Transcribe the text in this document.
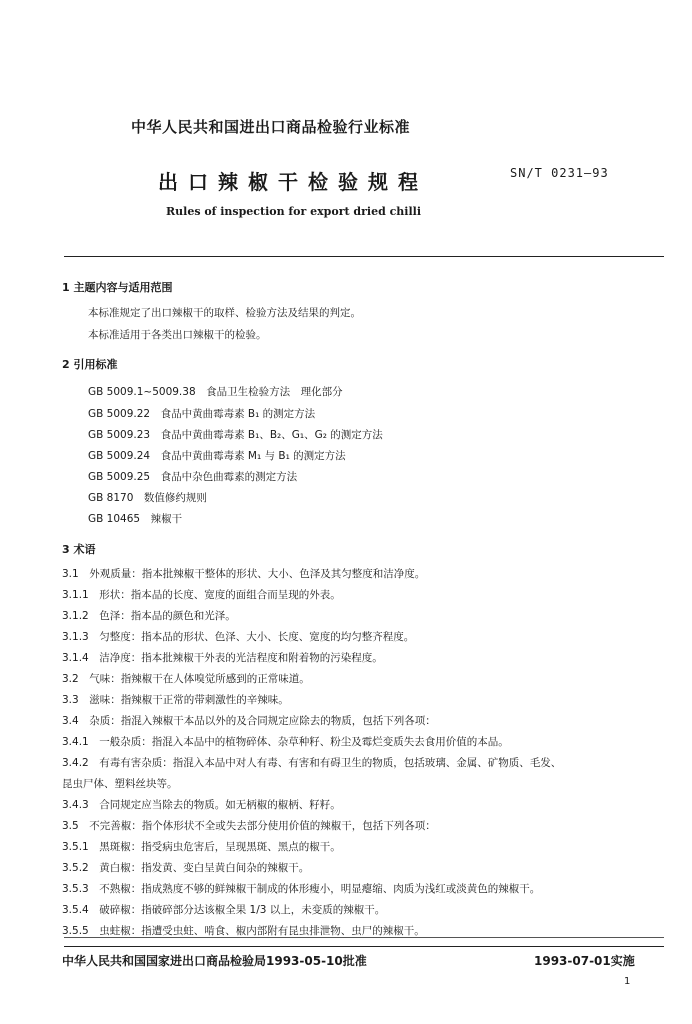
中华人民共和国进出口商品检验行业标准
出口辣椒干检验规程	SN/T 0231—93
Rules of inspection for export dried chilli
1 主题内容与适用范围
本标准规定了出口辣椒干的取样、检验方法及结果的判定。
本标准适用于各类出口辣椒干的检验。
2 引用标准
GB 5009.1~5009.38　食品卫生检验方法　理化部分
GB 5009.22　食品中黄曲霉毒素 B₁ 的测定方法
GB 5009.23　食品中黄曲霉毒素 B₁、B₂、G₁、G₂ 的测定方法
GB 5009.24　食品中黄曲霉毒素 M₁ 与 B₁ 的测定方法
GB 5009.25　食品中杂色曲霉素的测定方法
GB 8170　数值修约规则
GB 10465　辣椒干
3 术语
3.1　外观质量：指本批辣椒干整体的形状、大小、色泽及其匀整度和洁净度。
3.1.1　形状：指本品的长度、宽度的面组合而呈现的外表。
3.1.2　色泽：指本品的颜色和光泽。
3.1.3　匀整度：指本品的形状、色泽、大小、长度、宽度的均匀整齐程度。
3.1.4　洁净度：指本批辣椒干外表的光洁程度和附着物的污染程度。
3.2　气味：指辣椒干在人体嗅觉所感到的正常味道。
3.3　滋味：指辣椒干正常的带刺激性的辛辣味。
3.4　杂质：指混入辣椒干本品以外的及合同规定应除去的物质，包括下列各项：
3.4.1　一般杂质：指混入本品中的植物碎体、杂草种籽、粉尘及霉烂变质失去食用价值的本品。
3.4.2　有毒有害杂质：指混入本品中对人有毒、有害和有碍卫生的物质，包括玻璃、金属、矿物质、毛发、
昆虫尸体、塑料丝块等。
3.4.3　合同规定应当除去的物质。如无柄椒的椒柄、籽籽。
3.5　不完善椒：指个体形状不全或失去部分使用价值的辣椒干，包括下列各项：
3.5.1　黑斑椒：指受病虫危害后，呈现黑斑、黑点的椒干。
3.5.2　黄白椒：指发黄、变白呈黄白间杂的辣椒干。
3.5.3　不熟椒：指成熟度不够的鲜辣椒干制成的体形瘦小，明显瘪缩、肉质为浅红或淡黄色的辣椒干。
3.5.4　破碎椒：指破碎部分达该椒全果 1/3 以上，未变质的辣椒干。
3.5.5　虫蛀椒：指遭受虫蛀、啃食、椒内部附有昆虫排泄物、虫尸的辣椒干。
中华人民共和国国家进出口商品检验局1993-05-10批准	1993-07-01实施
1
